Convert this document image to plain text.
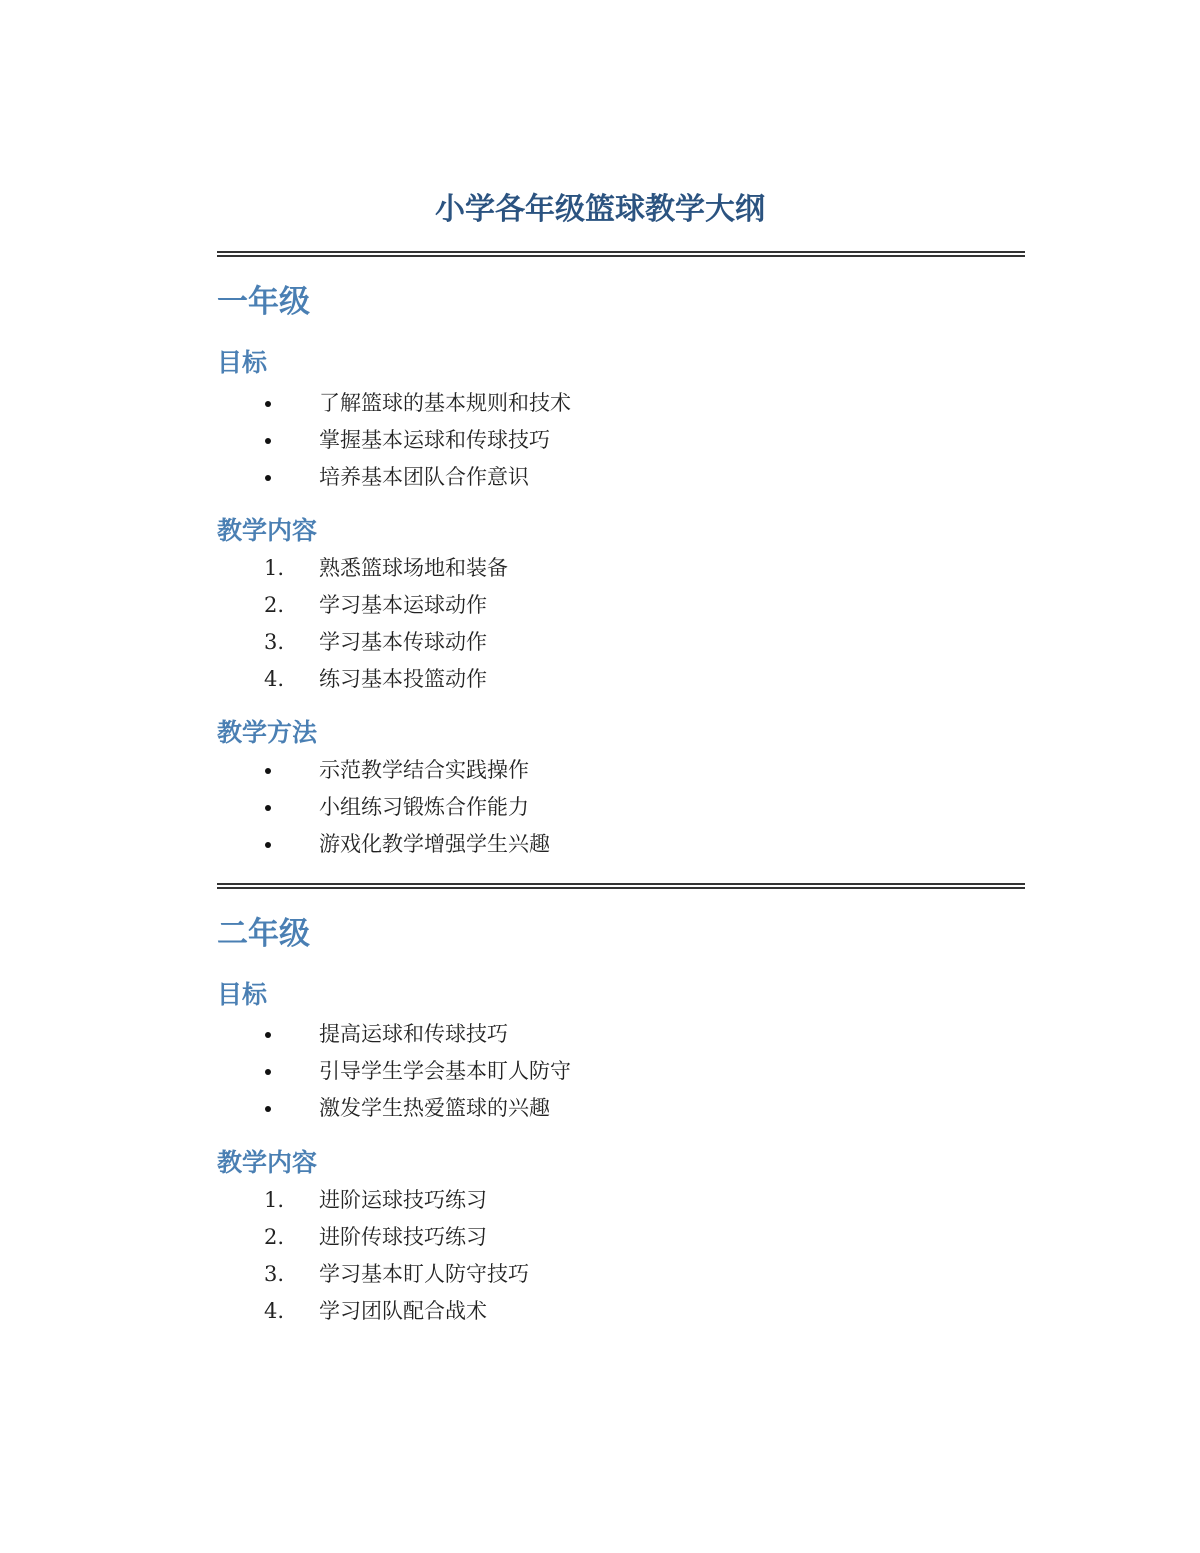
小学各年级篮球教学大纲
一年级
目标
了解篮球的基本规则和技术
掌握基本运球和传球技巧
培养基本团队合作意识
教学内容
1.	熟悉篮球场地和装备
2.	学习基本运球动作
3.	学习基本传球动作
4.	练习基本投篮动作
教学方法
示范教学结合实践操作
小组练习锻炼合作能力
游戏化教学增强学生兴趣
二年级
目标
提高运球和传球技巧
引导学生学会基本盯人防守
激发学生热爱篮球的兴趣
教学内容
1.	进阶运球技巧练习
2.	进阶传球技巧练习
3.	学习基本盯人防守技巧
4.	学习团队配合战术
